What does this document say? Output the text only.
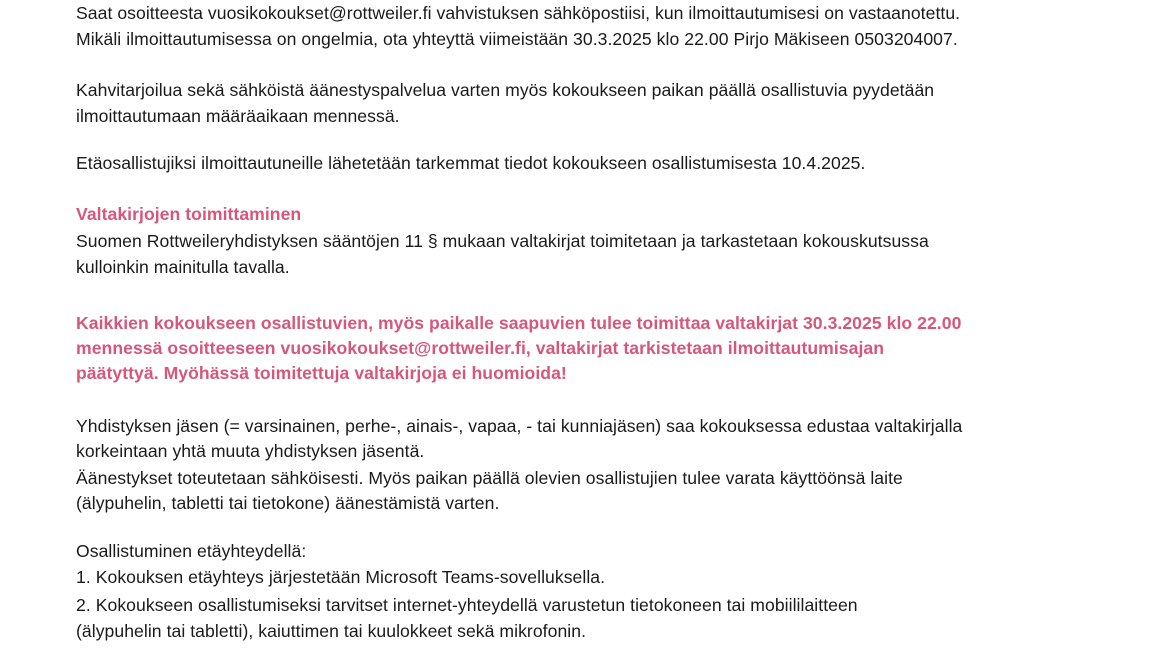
Saat osoitteesta vuosikokoukset@rottweiler.fi vahvistuksen sähköpostiisi, kun ilmoittautumisesi on vastaanotettu.
Mikäli ilmoittautumisessa on ongelmia, ota yhteyttä viimeistään 30.3.2025 klo 22.00 Pirjo Mäkiseen 0503204007.
Kahvitarjoilua sekä sähköistä äänestyspalvelua varten myös kokoukseen paikan päällä osallistuvia pyydetään
ilmoittautumaan määräaikaan mennessä.
Etäosallistujiksi ilmoittautuneille lähetetään tarkemmat tiedot kokoukseen osallistumisesta 10.4.2025.
Valtakirjojen toimittaminen
Suomen Rottweileryhdistyksen sääntöjen 11 § mukaan valtakirjat toimitetaan ja tarkastetaan kokouskutsussa
kulloinkin mainitulla tavalla.
Kaikkien kokoukseen osallistuvien, myös paikalle saapuvien tulee toimittaa valtakirjat 30.3.2025 klo 22.00
mennessä osoitteeseen vuosikokoukset@rottweiler.fi, valtakirjat tarkistetaan ilmoittautumisajan
päätyttyä. Myöhässä toimitettuja valtakirjoja ei huomioida!
Yhdistyksen jäsen (= varsinainen, perhe-, ainais-, vapaa, - tai kunniajäsen) saa kokouksessa edustaa valtakirjalla
korkeintaan yhtä muuta yhdistyksen jäsentä.
Äänestykset toteutetaan sähköisesti. Myös paikan päällä olevien osallistujien tulee varata käyttöönsä laite
(älypuhelin, tabletti tai tietokone) äänestämistä varten.
Osallistuminen etäyhteydellä:
1. Kokouksen etäyhteys järjestetään Microsoft Teams-sovelluksella.
2. Kokoukseen osallistumiseksi tarvitset internet-yhteydellä varustetun tietokoneen tai mobiililaitteen
(älypuhelin tai tabletti), kaiuttimen tai kuulokkeet sekä mikrofonin.
